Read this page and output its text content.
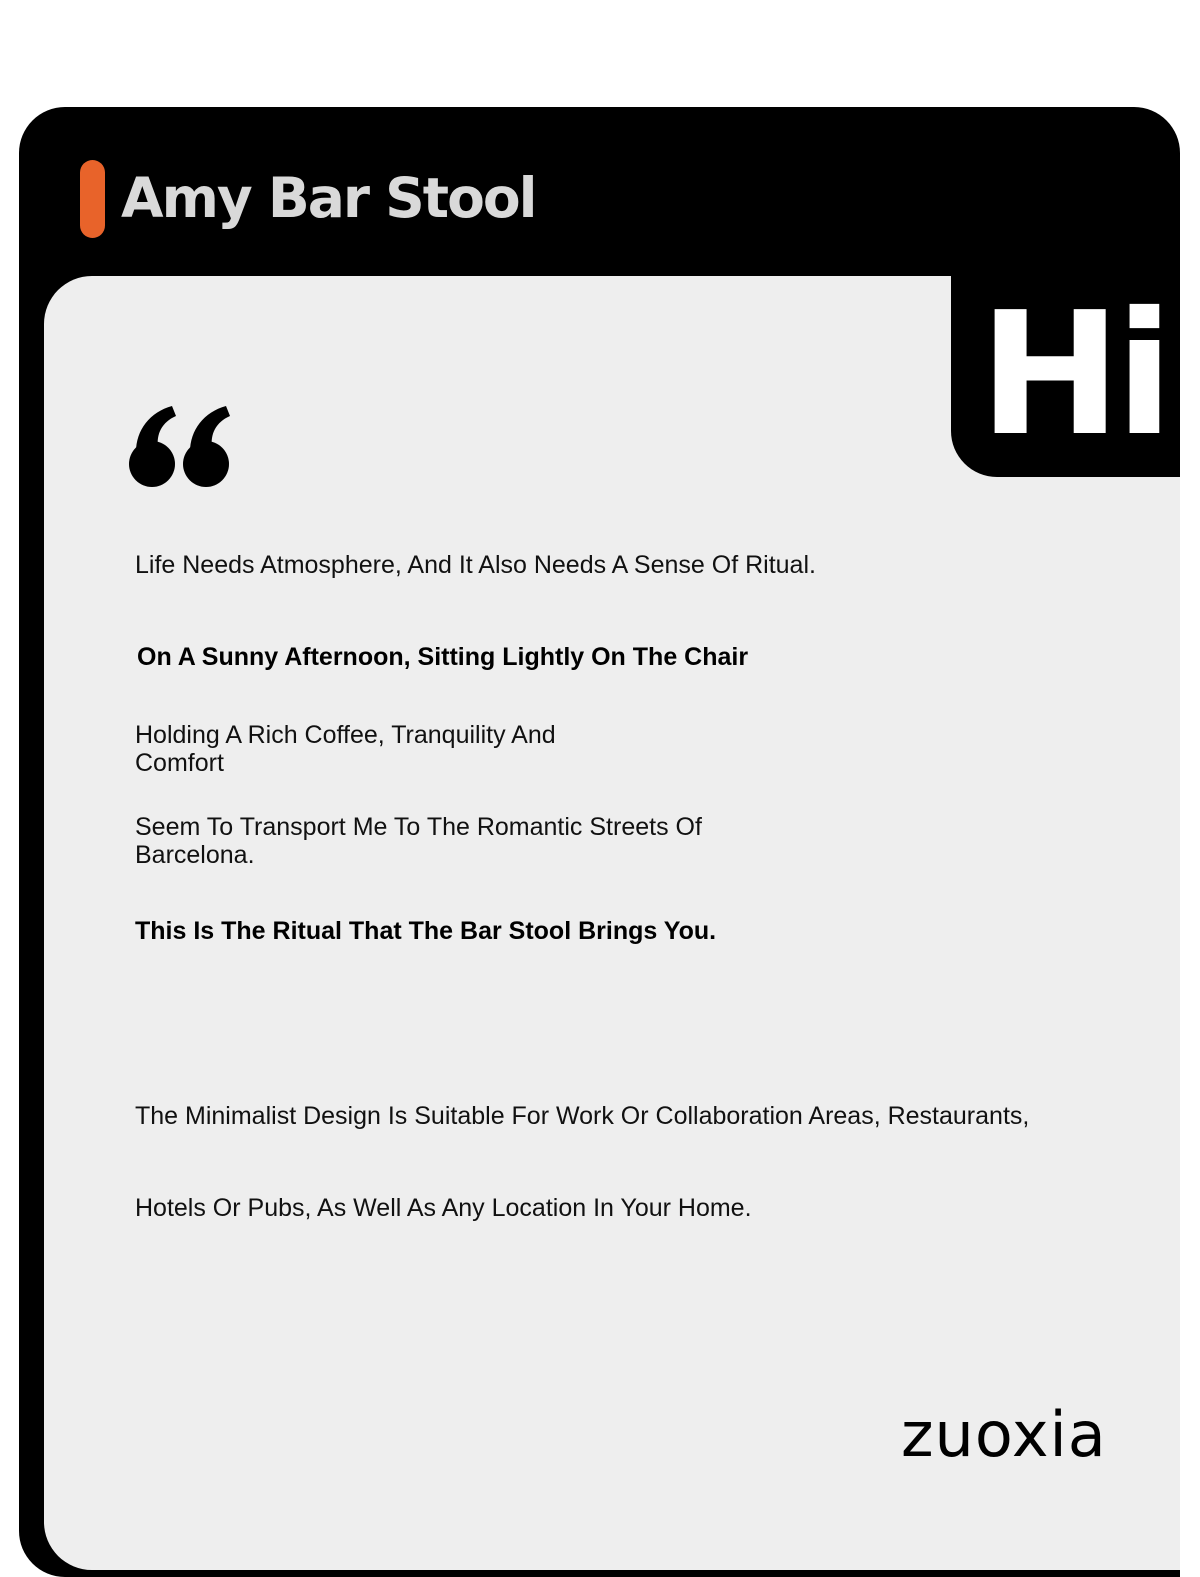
Amy Bar Stool
Hi
Life Needs Atmosphere, And It Also Needs A Sense Of Ritual.
On A Sunny Afternoon, Sitting Lightly On The Chair
Holding A Rich Coffee, Tranquility And Comfort
Seem To Transport Me To The Romantic Streets Of Barcelona.
This Is The Ritual That The Bar Stool Brings You.
The Minimalist Design Is Suitable For Work Or Collaboration Areas, Restaurants,
Hotels Or Pubs, As Well As Any Location In Your Home.
zuoxia
